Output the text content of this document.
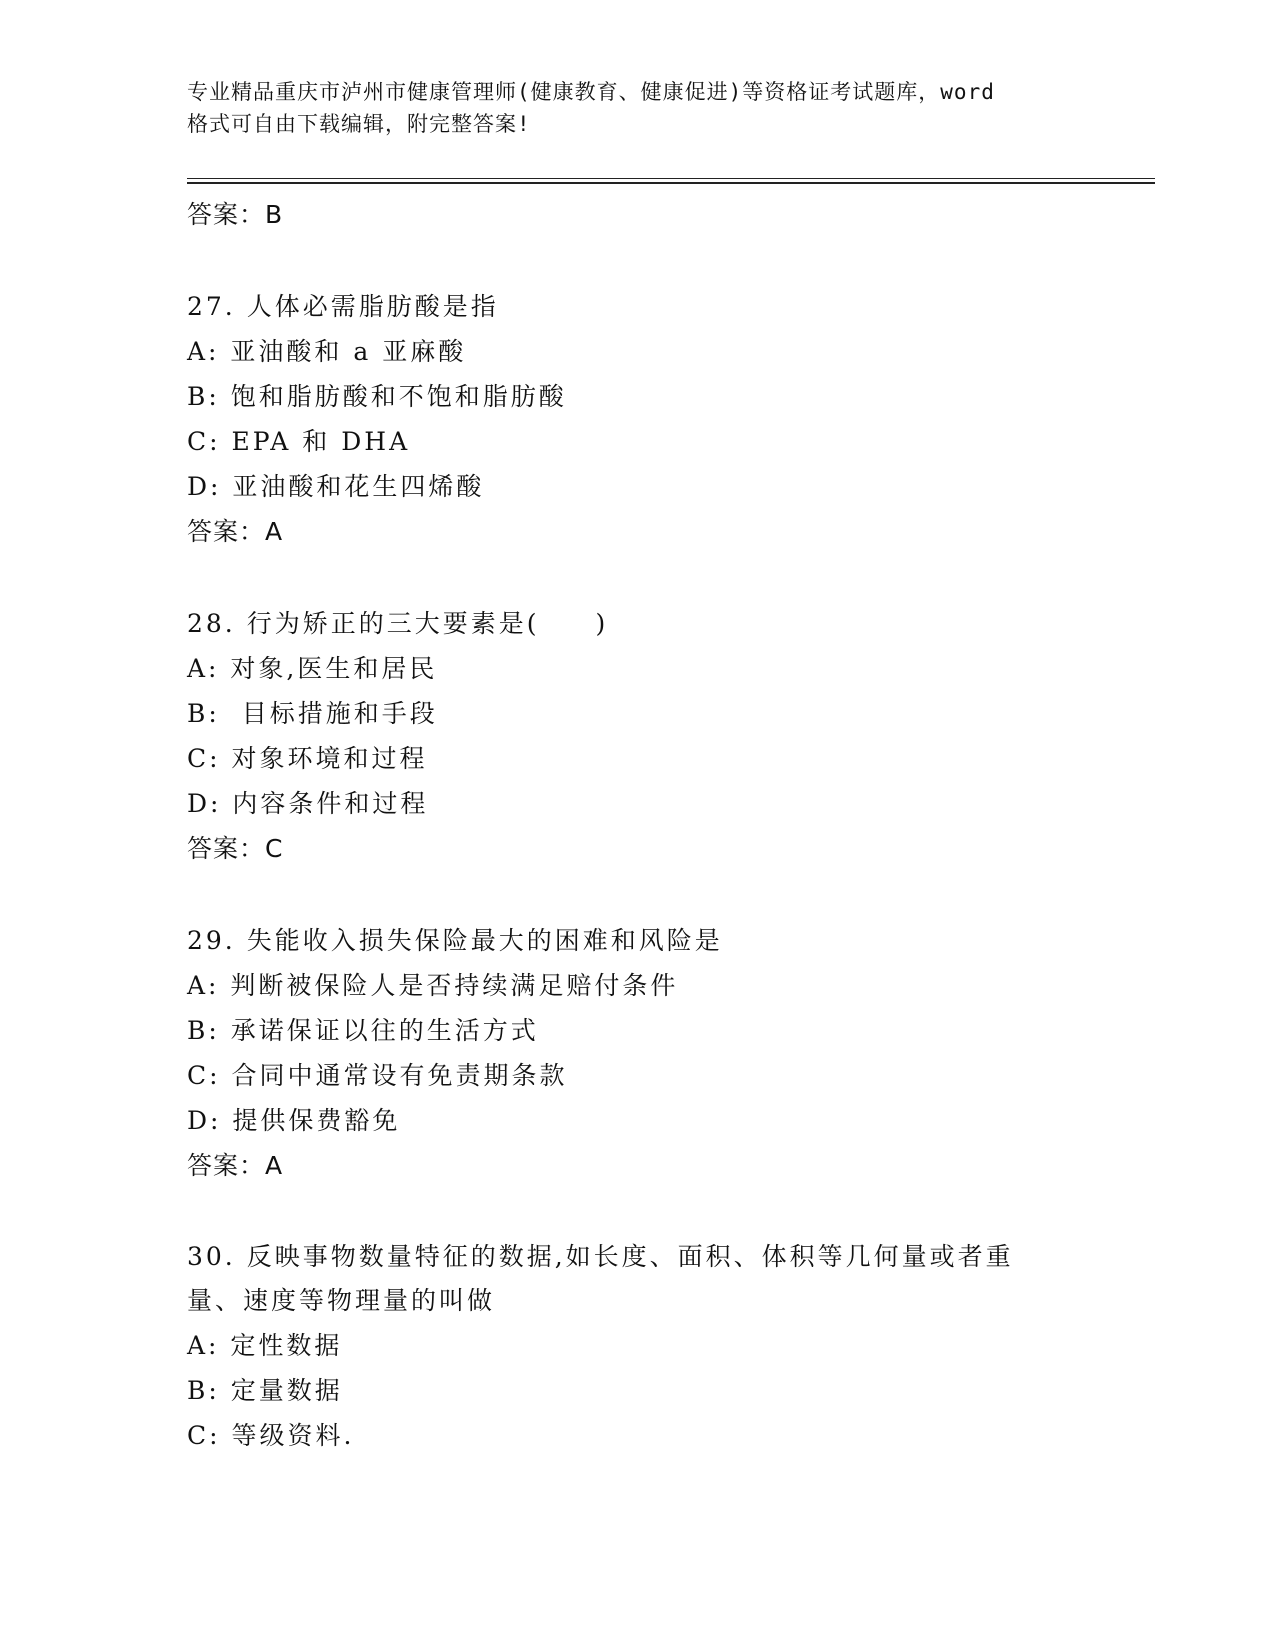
专业精品重庆市泸州市健康管理师(健康教育、健康促进)等资格证考试题库，word
格式可自由下载编辑，附完整答案!
答案：B
27. 人体必需脂肪酸是指
A: 亚油酸和 a 亚麻酸
B: 饱和脂肪酸和不饱和脂肪酸
C: EPA 和 DHA
D: 亚油酸和花生四烯酸
答案：A
28. 行为矫正的三大要素是(　　)
A: 对象,医生和居民
B:  目标措施和手段
C: 对象环境和过程
D: 内容条件和过程
答案：C
29. 失能收入损失保险最大的困难和风险是
A: 判断被保险人是否持续满足赔付条件
B: 承诺保证以往的生活方式
C: 合同中通常设有免责期条款
D: 提供保费豁免
答案：A
30. 反映事物数量特征的数据,如长度、面积、体积等几何量或者重量、速度等物理量的叫做
A: 定性数据
B: 定量数据
C: 等级资料.
